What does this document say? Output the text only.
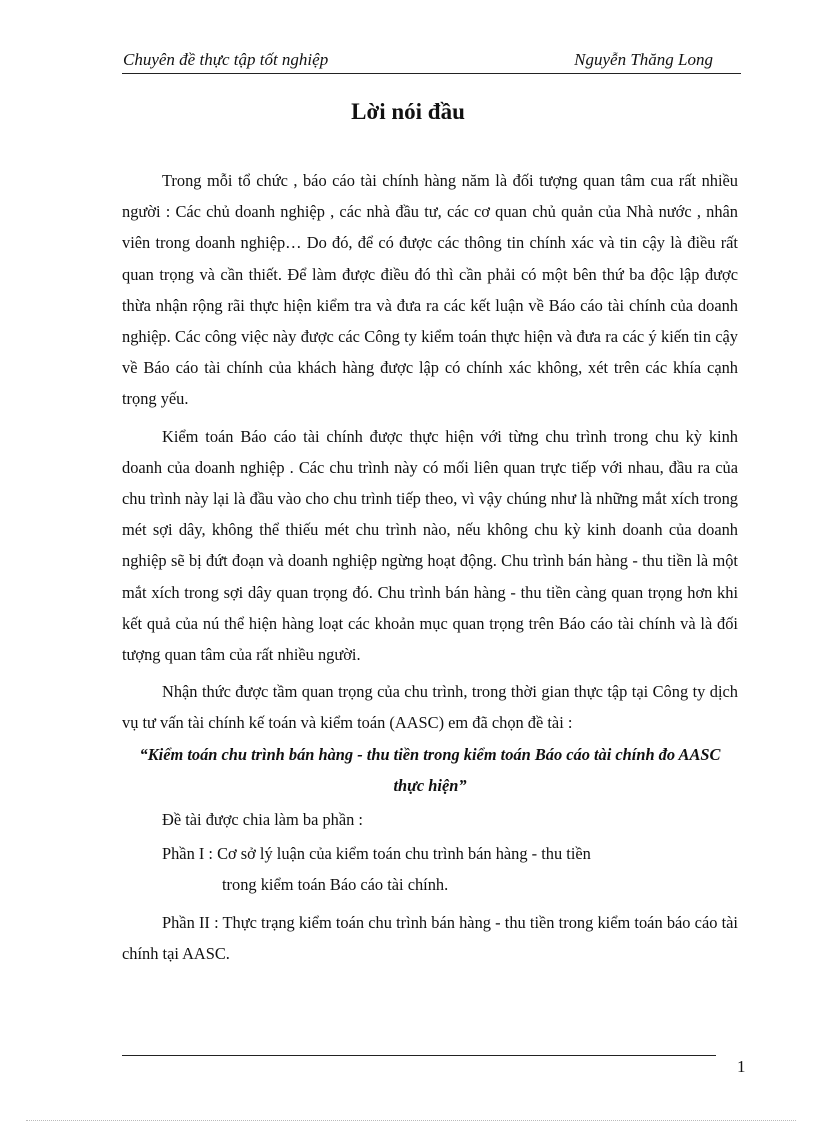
Chuyên đề thực tập tốt nghiệp	Nguyễn Thăng Long
Lời nói đầu

Trong mỗi tổ chức , báo cáo tài chính hàng năm là đối tượng quan tâm cua rất nhiều người : Các chủ doanh nghiệp , các nhà đầu tư, các cơ quan chủ quản của Nhà nước , nhân viên trong doanh nghiệp… Do đó, để có được các thông tin chính xác và tin cậy là điều rất quan trọng và cần thiết. Để làm được điều đó thì cần phải có một bên thứ ba độc lập được thừa nhận rộng rãi thực hiện kiểm tra và đưa ra các kết luận về Báo cáo tài chính của doanh nghiệp. Các công việc này được các Công ty kiểm toán thực hiện và đưa ra các ý kiến tin cậy về Báo cáo tài chính của khách hàng được lập có chính xác không, xét trên các khía cạnh trọng yếu.

Kiểm toán Báo cáo tài chính được thực hiện với từng chu trình trong chu kỳ kinh doanh của doanh nghiệp . Các chu trình này có mối liên quan trực tiếp với nhau, đầu ra của chu trình này lại là đầu vào cho chu trình tiếp theo, vì vậy chúng như là những mắt xích trong mét sợi dây, không thể thiếu mét chu trình nào, nếu không chu kỳ kinh doanh của doanh nghiệp sẽ bị đứt đoạn và doanh nghiệp ngừng hoạt động. Chu trình bán hàng - thu tiền là một mắt xích trong sợi dây quan trọng đó. Chu trình bán hàng - thu tiền càng quan trọng hơn khi kết quả của nú thể hiện hàng loạt các khoản mục quan trọng trên Báo cáo tài chính và là đối tượng quan tâm của rất nhiều người.

Nhận thức được tầm quan trọng của chu trình, trong thời gian thực tập tại Công ty dịch vụ tư vấn tài chính kế toán và kiểm toán (AASC) em đã chọn đề tài :

“Kiểm toán chu trình bán hàng - thu tiền trong kiểm toán Báo cáo tài chính đo AASC thực hiện”
Đề tài được chia làm ba phần :
Phần I : Cơ sở lý luận của kiểm toán chu trình bán hàng - thu tiền
trong kiểm toán Báo cáo tài chính.
Phần II : Thực trạng kiểm toán chu trình bán hàng - thu tiền trong kiểm toán báo cáo tài chính tại AASC.
1
